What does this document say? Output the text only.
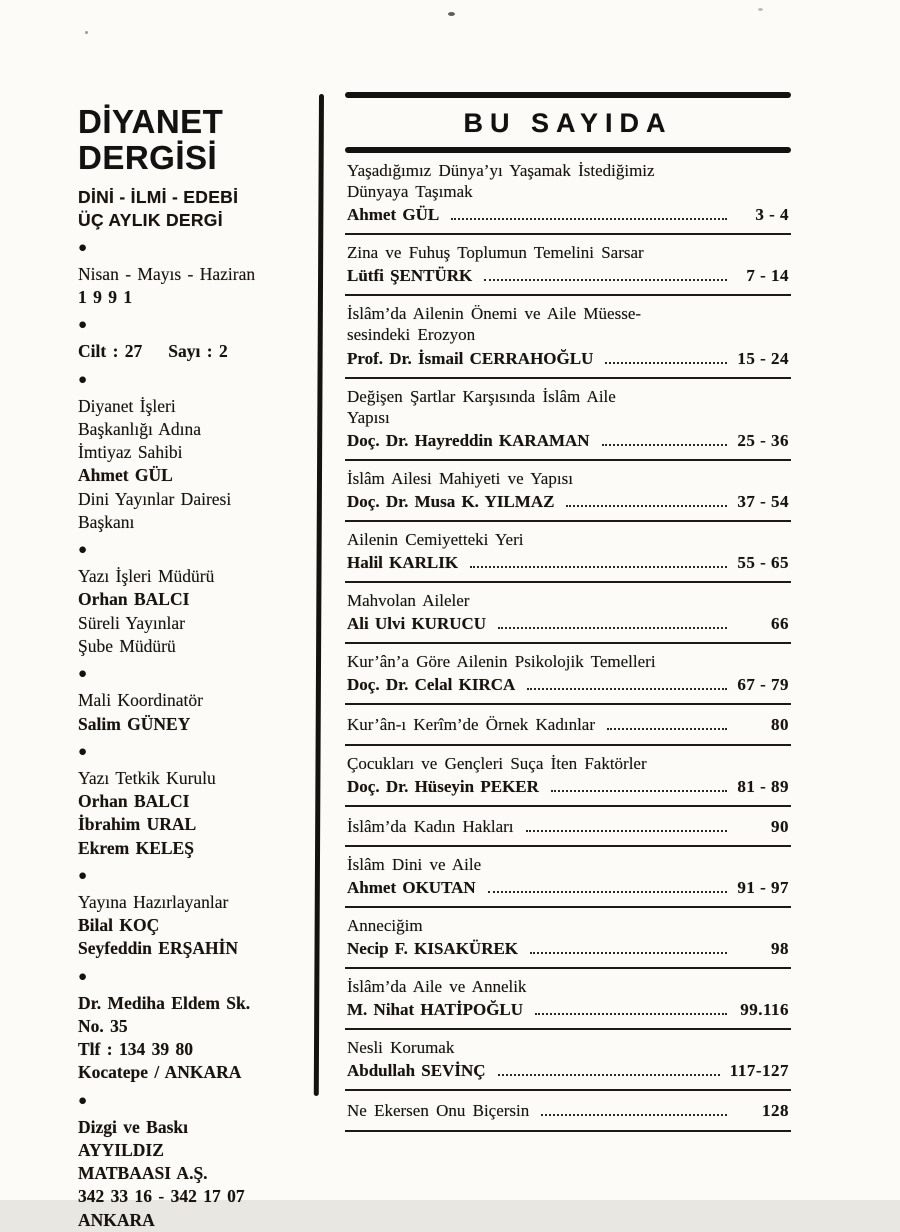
DİYANET
DERGİSİ
DİNİ - İLMİ - EDEBİ
ÜÇ AYLIK DERGİ
●
Nisan - Mayıs - Haziran
1 9 9 1
●
Cilt : 27 Sayı : 2
●
Diyanet İşleri
Başkanlığı Adına
İmtiyaz Sahibi
Ahmet GÜL
Dini Yayınlar Dairesi
Başkanı
●
Yazı İşleri Müdürü
Orhan BALCI
Süreli Yayınlar
Şube Müdürü
●
Mali Koordinatör
Salim GÜNEY
●
Yazı Tetkik Kurulu
Orhan BALCI
İbrahim URAL
Ekrem KELEŞ
●
Yayına Hazırlayanlar
Bilal KOÇ
Seyfeddin ERŞAHİN
●
Dr. Mediha Eldem Sk.
No. 35
Tlf : 134 39 80
Kocatepe / ANKARA
●
Dizgi ve Baskı
AYYILDIZ
MATBAASI A.Ş.
342 33 16 - 342 17 07
ANKARA
BU SAYIDA
Yaşadığımız Dünya’yı Yaşamak İstediğimiz
Dünyaya Taşımak
Ahmet GÜL	3 - 4
Zina ve Fuhuş Toplumun Temelini Sarsar
Lütfi ŞENTÜRK	7 - 14
İslâm’da Ailenin Önemi ve Aile Müesse-
sesindeki Erozyon
Prof. Dr. İsmail CERRAHOĞLU	15 - 24
Değişen Şartlar Karşısında İslâm Aile
Yapısı
Doç. Dr. Hayreddin KARAMAN	25 - 36
İslâm Ailesi Mahiyeti ve Yapısı
Doç. Dr. Musa K. YILMAZ	37 - 54
Ailenin Cemiyetteki Yeri
Halil KARLIK	55 - 65
Mahvolan Aileler
Ali Ulvi KURUCU	66
Kur’ân’a Göre Ailenin Psikolojik Temelleri
Doç. Dr. Celal KIRCA	67 - 79
Kur’ân-ı Kerîm’de Örnek Kadınlar	80
Çocukları ve Gençleri Suça İten Faktörler
Doç. Dr. Hüseyin PEKER	81 - 89
İslâm’da Kadın Hakları	90
İslâm Dini ve Aile
Ahmet OKUTAN	91 - 97
Anneciğim
Necip F. KISAKÜREK	98
İslâm’da Aile ve Annelik
M. Nihat HATİPOĞLU	99.116
Nesli Korumak
Abdullah SEVİNÇ	117-127
Ne Ekersen Onu Biçersin	128
